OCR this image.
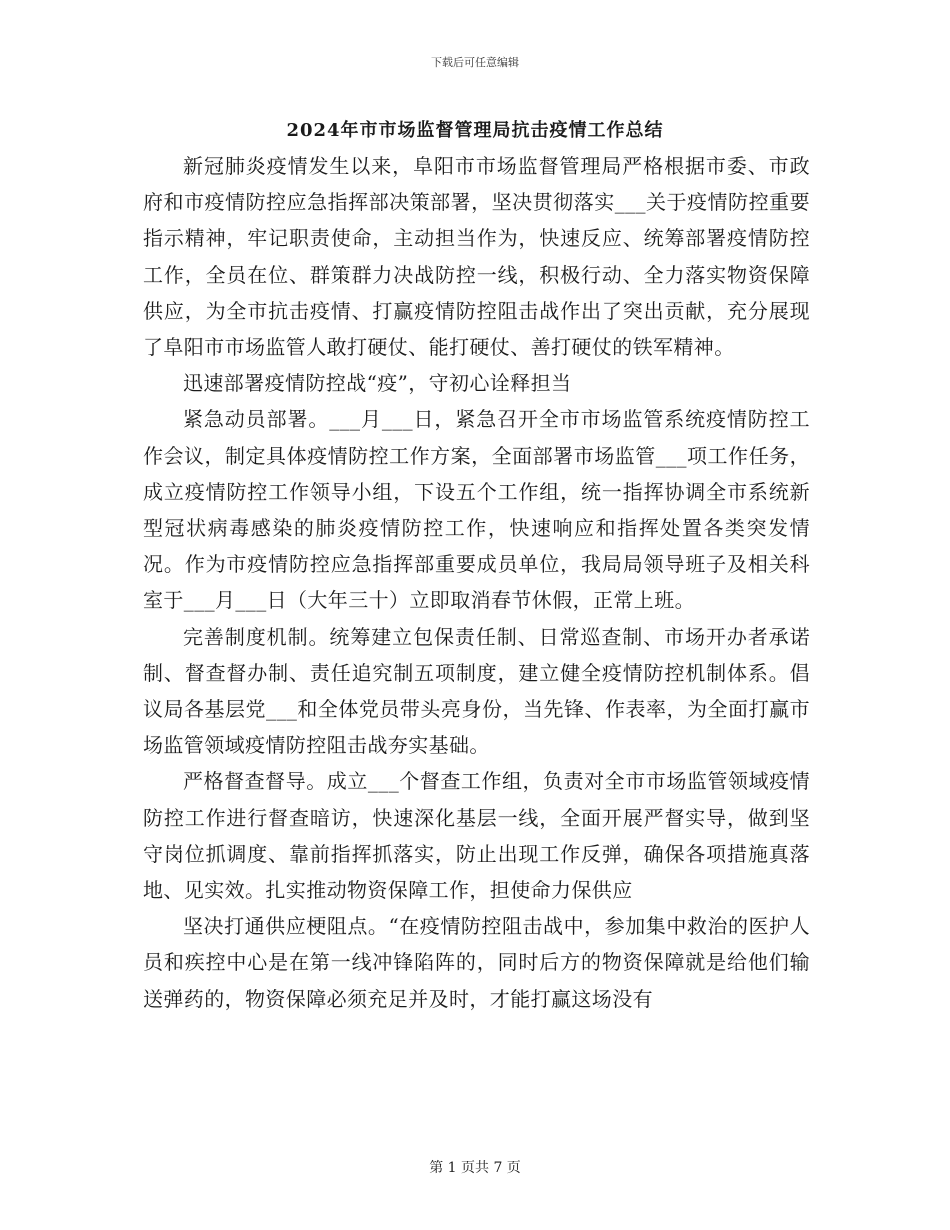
下载后可任意编辑
2024年市市场监督管理局抗击疫情工作总结

新冠肺炎疫情发生以来，阜阳市市场监督管理局严格根据市委、市政府和市疫情防控应急指挥部决策部署，坚决贯彻落实___关于疫情防控重要指示精神，牢记职责使命，主动担当作为，快速反应、统筹部署疫情防控工作，全员在位、群策群力决战防控一线，积极行动、全力落实物资保障供应，为全市抗击疫情、打赢疫情防控阻击战作出了突出贡献，充分展现了阜阳市市场监管人敢打硬仗、能打硬仗、善打硬仗的铁军精神。

迅速部署疫情防控战“疫”，守初心诠释担当

紧急动员部署。___月___日，紧急召开全市市场监管系统疫情防控工作会议，制定具体疫情防控工作方案，全面部署市场监管___项工作任务，成立疫情防控工作领导小组，下设五个工作组，统一指挥协调全市系统新型冠状病毒感染的肺炎疫情防控工作，快速响应和指挥处置各类突发情况。作为市疫情防控应急指挥部重要成员单位，我局局领导班子及相关科室于___月___日（大年三十）立即取消春节休假，正常上班。

完善制度机制。统筹建立包保责任制、日常巡查制、市场开办者承诺制、督查督办制、责任追究制五项制度，建立健全疫情防控机制体系。倡议局各基层党___和全体党员带头亮身份，当先锋、作表率，为全面打赢市场监管领域疫情防控阻击战夯实基础。

严格督查督导。成立___个督查工作组，负责对全市市场监管领域疫情防控工作进行督查暗访，快速深化基层一线，全面开展严督实导，做到坚守岗位抓调度、靠前指挥抓落实，防止出现工作反弹，确保各项措施真落地、见实效。扎实推动物资保障工作，担使命力保供应

坚决打通供应梗阻点。“在疫情防控阻击战中，参加集中救治的医护人员和疾控中心是在第一线冲锋陷阵的，同时后方的物资保障就是给他们输送弹药的，物资保障必须充足并及时，才能打赢这场没有

第 1 页共 7 页
